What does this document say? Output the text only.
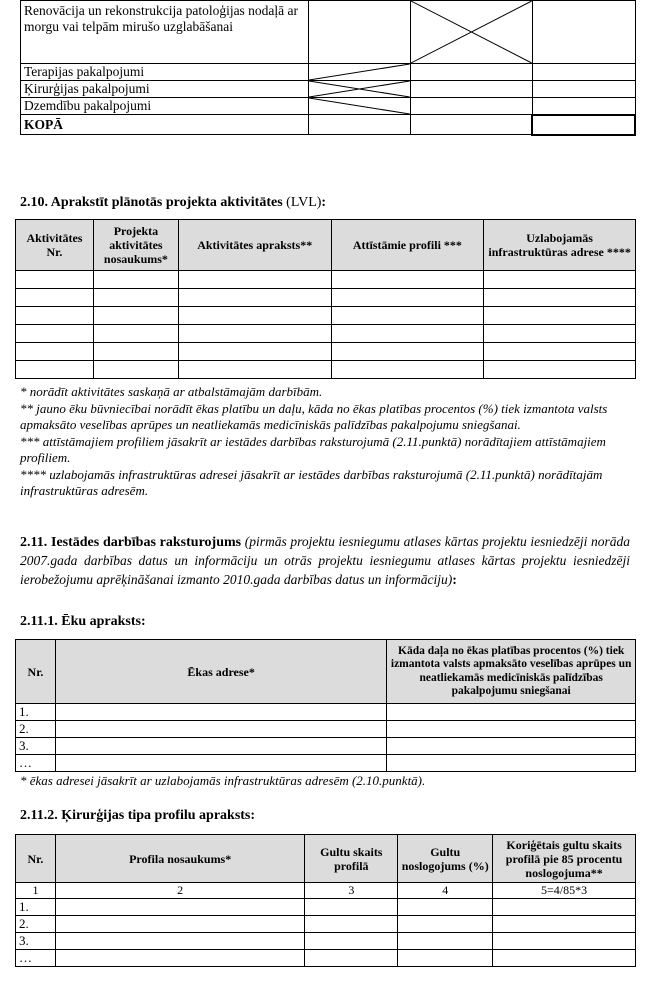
Renovācija un rekonstrukcija patoloģijas nodaļā ar morgu vai telpām mirušo uzglabāšanai		

Terapijas pakalpojumi	

Ķirurģijas pakalpojumi	

Dzemdību pakalpojumi	

KOPĀ			
2.10. Aprakstīt plānotās projekta aktivitātes (LVL):
Aktivitātes Nr.	Projekta aktivitātes nosaukums*	Aktivitātes apraksts**	Attīstāmie profili ***	Uzlabojamās infrastruktūras adrese ****

* norādīt aktivitātes saskaņā ar atbalstāmajām darbībām.
** jauno ēku būvniecībai norādīt ēkas platību un daļu, kāda no ēkas platības procentos (%) tiek izmantota valsts apmaksāto veselības aprūpes un neatliekamās medicīniskās palīdzības pakalpojumu sniegšanai.
*** attīstāmajiem profiliem jāsakrīt ar iestādes darbības raksturojumā (2.11.punktā) norādītajiem attīstāmajiem profiliem.
**** uzlabojamās infrastruktūras adresei jāsakrīt ar iestādes darbības raksturojumā (2.11.punktā) norādītajām infrastruktūras adresēm.
2.11. Iestādes darbības raksturojums (pirmās projektu iesniegumu atlases kārtas projektu iesniedzēji norāda 2007.gada darbības datus un informāciju un otrās projektu iesniegumu atlases kārtas projektu iesniedzēji ierobežojumu aprēķināšanai izmanto 2010.gada darbības datus un informāciju):
2.11.1. Ēku apraksts:
Nr.	Ēkas adrese*	Kāda daļa no ēkas platības procentos (%) tiek izmantota valsts apmaksāto veselības aprūpes un neatliekamās medicīniskās palīdzības pakalpojumu sniegšanai
1.		
2.		
3.		
…		
* ēkas adresei jāsakrīt ar uzlabojamās infrastruktūras adresēm (2.10.punktā).
2.11.2. Ķirurģijas tipa profilu apraksts:
Nr.	Profila nosaukums*	Gultu skaits profilā	Gultu noslogojums (%)	Koriģētais gultu skaits profilā pie 85 procentu noslogojuma**
1	2	3	4	5=4/85*3
1.				
2.				
3.				
…				
